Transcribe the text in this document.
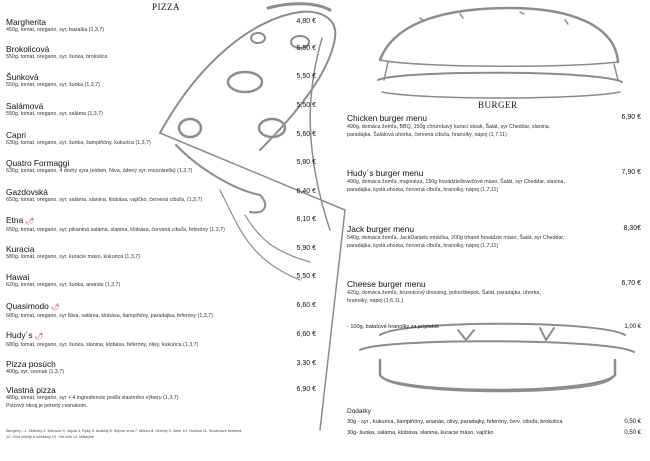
PIZZA
Margherita
450g, tomat, oregano, syr, bazalka (1,3,7)
4,80 €
Brokolicová
550g, tomat, oregano, syr, šunka, brokolica
5,50 €
Šunková
550g, tomat, oregano, syr, šunka (1,3,7)
5,50 €
Salámová
550g, tomat, oregano, syr, saláma (1,3,7)
5,50 €
Capri
630g, tomat, oregano, syr, šunka, šampiňóny, kukurica (1,3,7)
5,60 €
Quatro Formaggi
630g, tomat, oregano, 4 druhy syra (eidam, Niva, údený syr, mozzarella) (1,3,7)
5,80 €
Gazdovská
650g, tomat, oregano, syr, saláma, slanina, klobása, vajíčko, červená cibuľa, (1,3,7)
6,40 €
Etna 🌶
650g, tomat, oregano, syr, pikantná saláma, slanina, klobása, červená cibuľa, feferóny (1,3,7)
6,10 €
Kuracia
580g, tomat, oregano, syr, kuracie mäso, kukurica (1,3,7)
5,90 €
Hawai
620g, tomat, oregano, syr, šunka, ananás (1,3,7)
5,50 €
Quasimodo 🌶
680g, tomat, oregano, syr Niva, saláma, klobása, šampiňóny, paradajka, feferóny (1,3,7)
6,60 €
Hudy´s 🌶
680g, tomat, oregano, syr, šunka, slanina, klobása, feferóny, olivy, kukurica (1,3,7)
6,60 €
Pizza posúch
400g, syr, cesnak (1,3,7)
3,30 €
Vlastná pizza
480g, tomat, oregano, syr + 4 ingrediencie podľa vlastného výberu (1,3,7)
Pizzový okraj je potretý cesnakom.
6,90 €
Alergény - 1. Obilniny 2. Kôrovce 3. Vajcia 4. Ryby 5. Arašidy 6. Sójové zrná 7. Mlieko 8. Orechy 9. Zeler 10. Horčica 11. Sezamové semená
12. Oxid siričitý a siričitany 13. Vlčí bôb 14. Mäkkýše
BURGER
Chicken burger menu
490g, domáca žemľa, BBQ, 150g chrumkavý kurací steak, Šalát, syr Cheddar, slanina,
paradajka, Šalátová uhorka, červená cibuľa, hranolky, nápoj (1,7,11)
6,90 €
Hudy´s burger menu
490g, domáca žemľa ,majonéza, 150g hovädzie/bravčové mäso, Šalát, syr Cheddar, slanina,
paradajka, kyslá uhorka, červená cibuľa, hranolky, nápoj (1,7,11)
7,90 €
Jack burger menu
540g, domáca žemľa, JackDaniels omáčka, 200g trhané hovädzie mäso, Šalát, syr Cheddar,
paradajka, kyslá uhorka, červená cibuľa, hranolky, nápoj (1,7,11)
8,30€
Cheese burger menu
420g, domáca žemľa, brusnicový dressing, polooštiepok, Šalát, paradajka, uhorka,
hranolky, nápoj (1,6,11,)
6,70 €
- 100g, batatové hranolky za príplatok	1,00 €
Dodatky
30g - syr , kukurica, šampiňóny, ananás, olivy, paradajky, feferóny, červ. cibuľa, brokolica	0,50 €
30g- šunka, saláma, klobása, slanina, kuracie mäso, vajíčko	0,50 €
